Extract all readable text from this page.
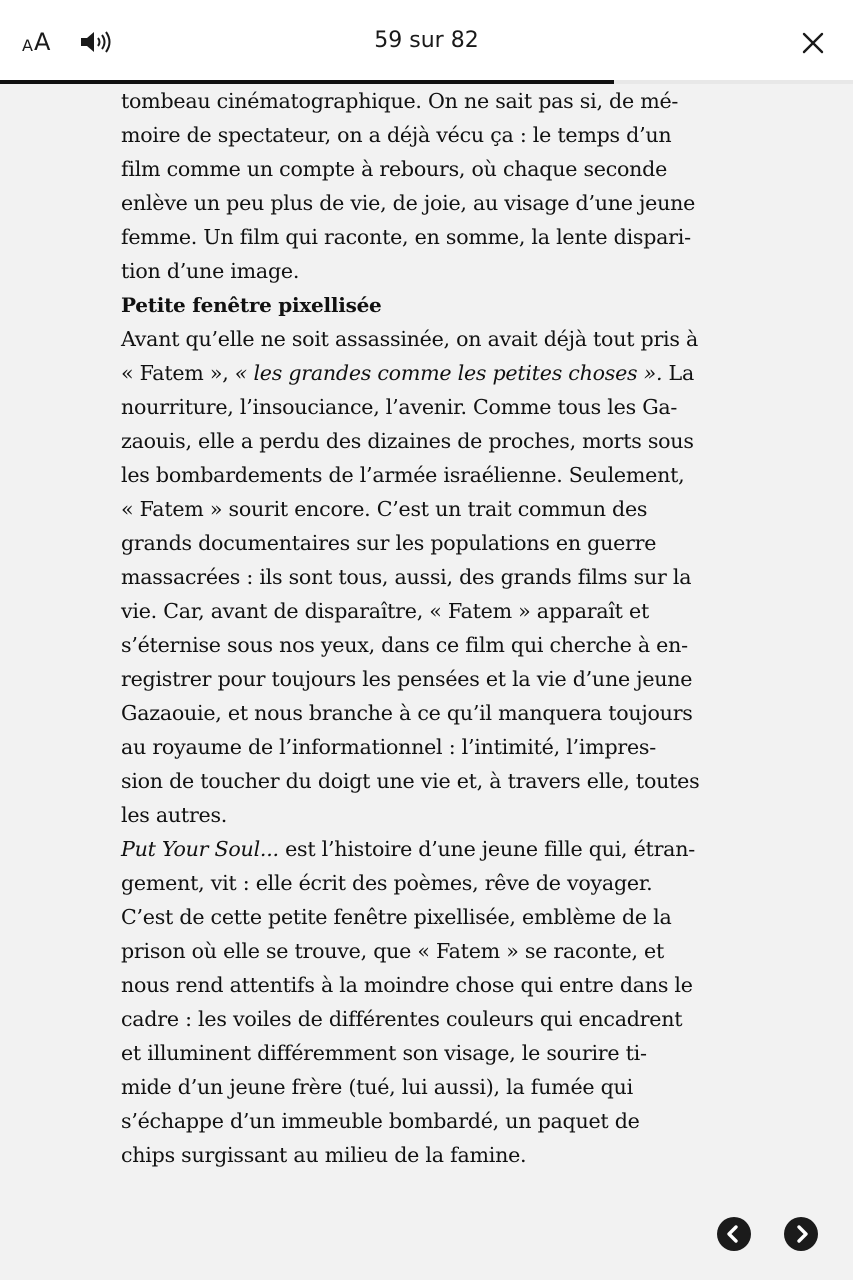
A A	59 sur 82

tombeau cinématographique. On ne sait pas si, de mé-
moire de spectateur, on a déjà vécu ça : le temps d’un
film comme un compte à rebours, où chaque seconde
enlève un peu plus de vie, de joie, au visage d’une jeune
femme. Un film qui raconte, en somme, la lente dispari-
tion d’une image.

Petite fenêtre pixellisée

Avant qu’elle ne soit assassinée, on avait déjà tout pris à
« Fatem », « les grandes comme les petites choses ». La
nourriture, l’insouciance, l’avenir. Comme tous les Ga-
zaouis, elle a perdu des dizaines de proches, morts sous
les bombardements de l’armée israélienne. Seulement,
« Fatem » sourit encore. C’est un trait commun des
grands documentaires sur les populations en guerre
massacrées : ils sont tous, aussi, des grands films sur la
vie. Car, avant de disparaître, « Fatem » apparaît et
s’éternise sous nos yeux, dans ce film qui cherche à en-
registrer pour toujours les pensées et la vie d’une jeune
Gazaouie, et nous branche à ce qu’il manquera toujours
au royaume de l’informationnel : l’intimité, l’impres-
sion de toucher du doigt une vie et, à travers elle, toutes
les autres.

Put Your Soul... est l’histoire d’une jeune fille qui, étran-
gement, vit : elle écrit des poèmes, rêve de voyager.
C’est de cette petite fenêtre pixellisée, emblème de la
prison où elle se trouve, que « Fatem » se raconte, et
nous rend attentifs à la moindre chose qui entre dans le
cadre : les voiles de différentes couleurs qui encadrent
et illuminent différemment son visage, le sourire ti-
mide d’un jeune frère (tué, lui aussi), la fumée qui
s’échappe d’un immeuble bombardé, un paquet de
chips surgissant au milieu de la famine.
